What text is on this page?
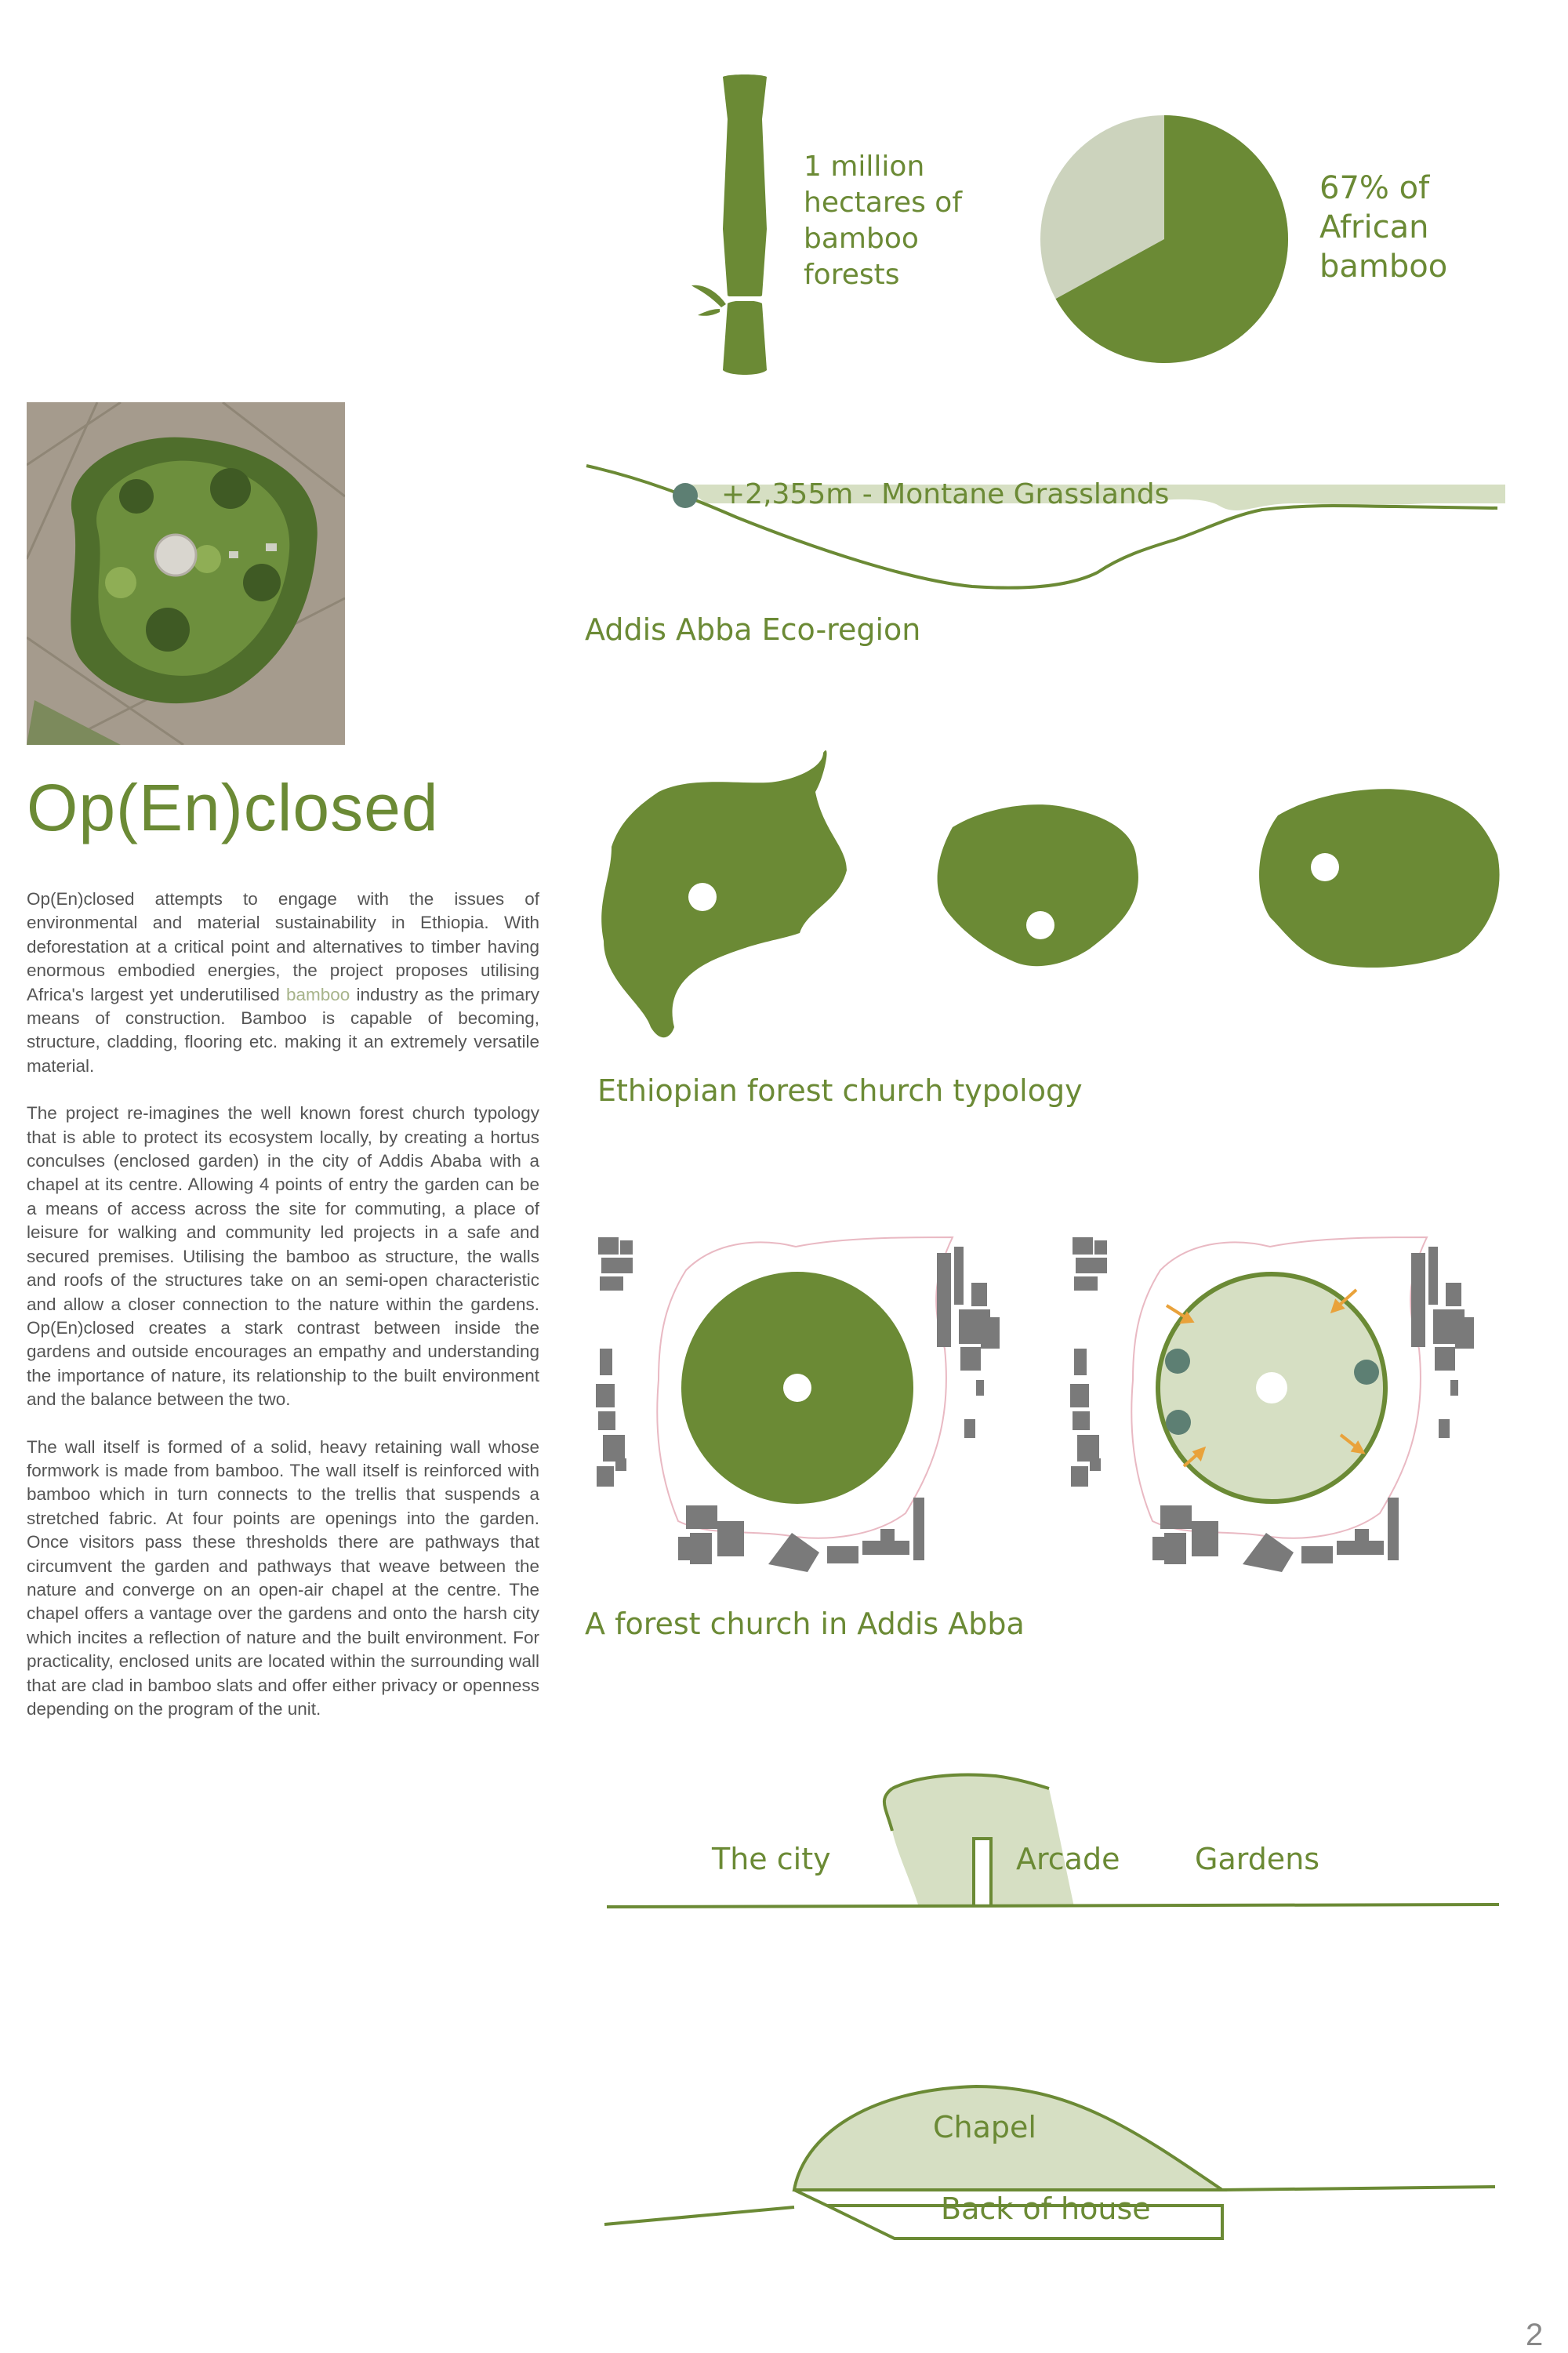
Op(En)closed

Op(En)closed attempts to engage with the issues of environmental and material sustainability in Ethiopia. With deforestation at a critical point and alternatives to timber having enormous embodied energies, the project proposes utilising Africa's largest yet underutilised bamboo industry as the primary means of construction. Bamboo is capable of becoming, structure, cladding, flooring etc. making it an extremely versatile material.

The project re-imagines the well known forest church typology that is able to protect its ecosystem locally, by creating a hortus conculses (enclosed garden) in the city of Addis Ababa with a chapel at its centre. Allowing 4 points of entry the garden can be a means of access across the site for commuting, a place of leisure for walking and community led projects in a safe and secured premises. Utilising the bamboo as structure, the walls and roofs of the structures take on an semi-open characteristic and allow a closer connection to the nature within the gardens. Op(En)closed creates a stark contrast between inside the gardens and outside encourages an empathy and understanding the importance of nature, its relationship to the built environment and the balance between the two.

The wall itself is formed of a solid, heavy retaining wall whose formwork is made from bamboo. The wall itself is reinforced with bamboo which in turn connects to the trellis that suspends a stretched fabric. At four points are openings into the garden. Once visitors pass these thresholds there are pathways that circumvent the garden and pathways that weave between the nature and converge on an open-air chapel at the centre. The chapel offers a vantage over the gardens and onto the harsh city which incites a reflection of nature and the built environment. For practicality, enclosed units are located within the surrounding wall that are clad in bamboo slats and offer either privacy or openness depending on the program of the unit.

1 million
hectares of
bamboo
forests
67% of
African
bamboo
+2,355m - Montane Grasslands
Addis Abba Eco-region
Ethiopian forest church typology
A forest church in Addis Abba
The city	Arcade	Gardens
Chapel
Back of house
2
